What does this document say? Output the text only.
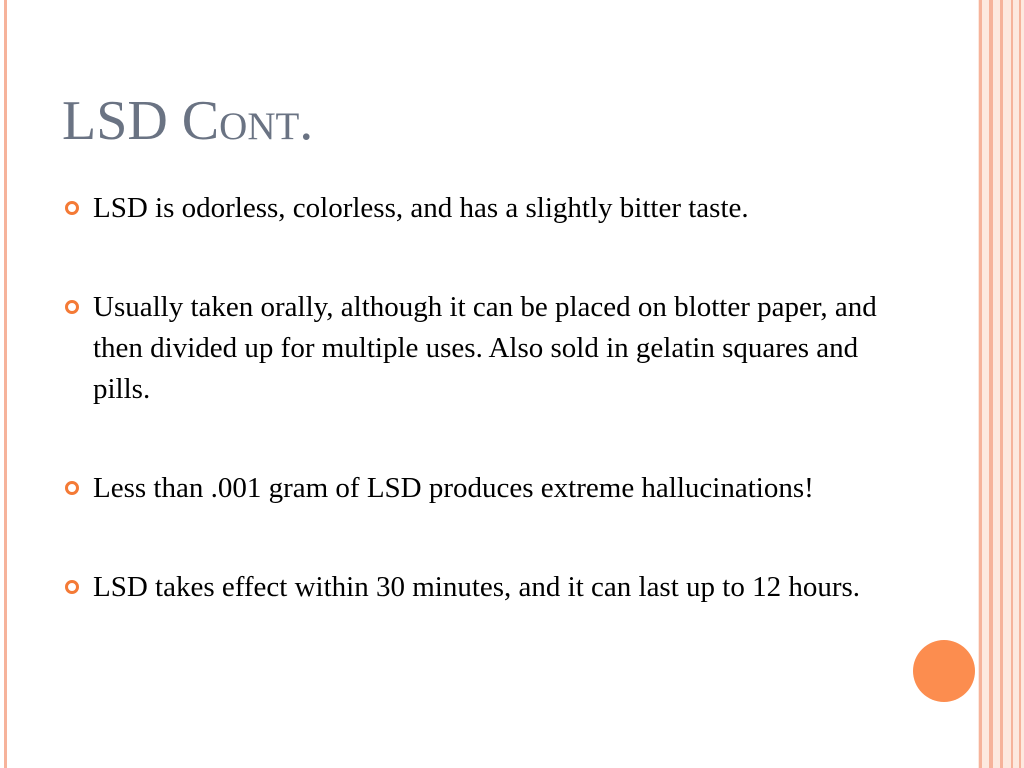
LSD Cont.
LSD is odorless, colorless, and has a slightly bitter taste.
Usually taken orally, although it can be placed on blotter paper, and then divided up for multiple uses. Also sold in gelatin squares and pills.
Less than .001 gram of LSD produces extreme hallucinations!
LSD takes effect within 30 minutes, and it can last up to 12 hours.
